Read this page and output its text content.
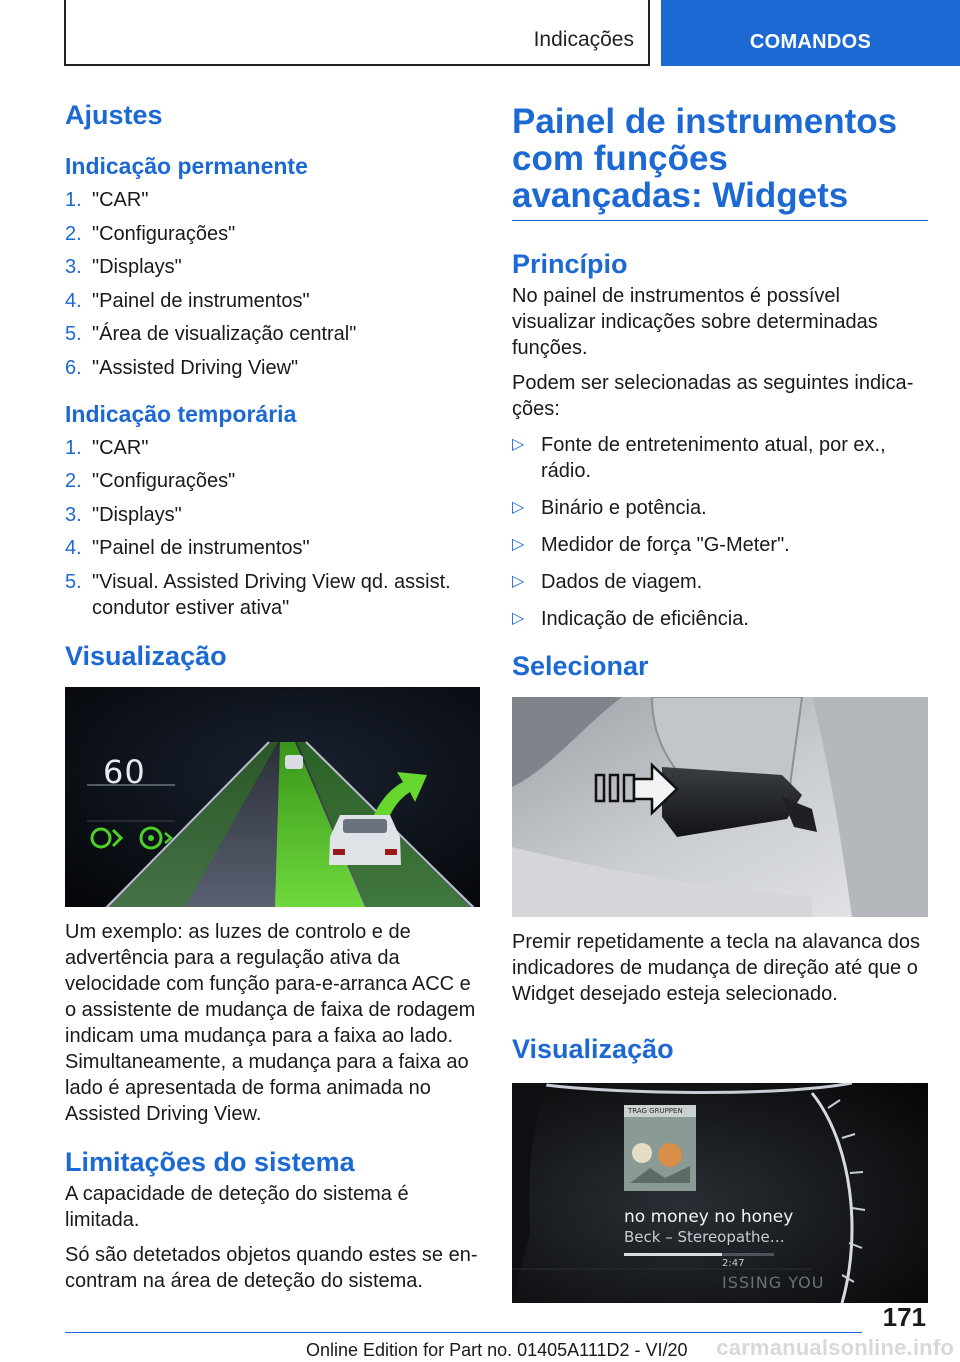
Indicações	COMANDOS
Ajustes
Indicação permanente
1. "CAR"
2. "Configurações"
3. "Displays"
4. "Painel de instrumentos"
5. "Área de visualização central"
6. "Assisted Driving View"
Indicação temporária
1. "CAR"
2. "Configurações"
3. "Displays"
4. "Painel de instrumentos"
5. "Visual. Assisted Driving View qd. assist. condutor estiver ativa"
Visualização
60
Um exemplo: as luzes de controlo e de advertência para a regulação ativa da velocidade com função para-e-arranca ACC e o assistente de mudança de faixa de rodagem indicam uma mudança para a faixa ao lado. Simultaneamente, a mudança para a faixa ao lado é apresentada de forma animada no Assisted Driving View.
Limitações do sistema
A capacidade de deteção do sistema é limitada.
Só são detetados objetos quando estes se encontram na área de deteção do sistema.
Painel de instrumentos com funções avançadas: Widgets
Princípio
No painel de instrumentos é possível visualizar indicações sobre determinadas funções.
Podem ser selecionadas as seguintes indicações:
▷ Fonte de entretenimento atual, por ex., rádio.
▷ Binário e potência.
▷ Medidor de força "G-Meter".
▷ Dados de viagem.
▷ Indicação de eficiência.
Selecionar
Premir repetidamente a tecla na alavanca dos indicadores de mudança de direção até que o Widget desejado esteja selecionado.
Visualização
TRAG GRUPPEN
no money no honey
Beck – Stereopathe…
2:47
ISSING YOU
171
Online Edition for Part no. 01405A111D2 - VI/20 carmanualsonline.info
